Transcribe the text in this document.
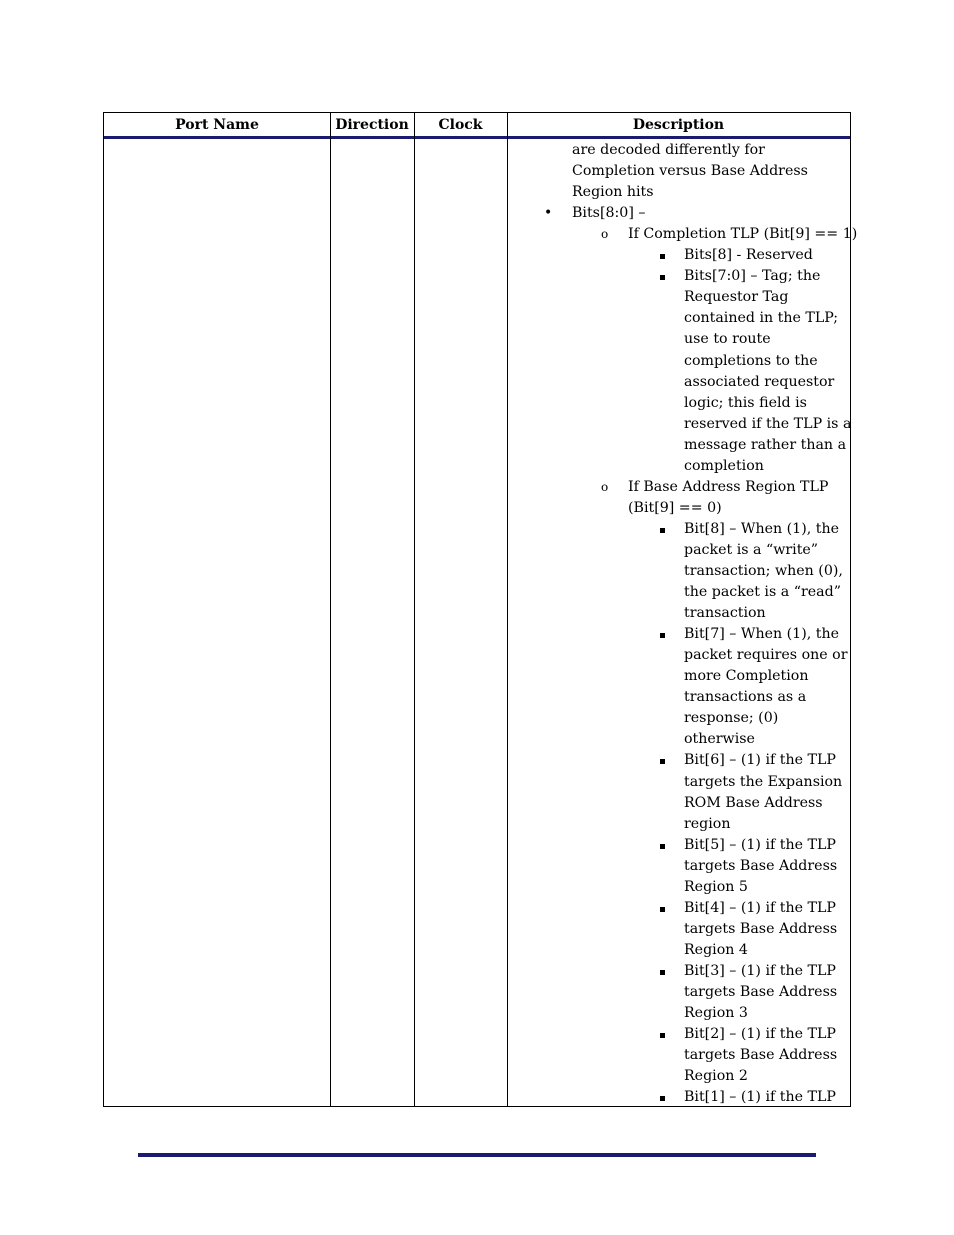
Port Name	Direction	Clock	Description
are decoded differently for
Completion versus Base Address
Region hits
• Bits[8:0] –
o If Completion TLP (Bit[9] == 1)
Bits[8] - Reserved
Bits[7:0] – Tag; the
Requestor Tag
contained in the TLP;
use to route
completions to the
associated requestor
logic; this field is
reserved if the TLP is a
message rather than a
completion
o If Base Address Region TLP
(Bit[9] == 0)
Bit[8] – When (1), the
packet is a “write”
transaction; when (0),
the packet is a “read”
transaction
Bit[7] – When (1), the
packet requires one or
more Completion
transactions as a
response; (0)
otherwise
Bit[6] – (1) if the TLP
targets the Expansion
ROM Base Address
region
Bit[5] – (1) if the TLP
targets Base Address
Region 5
Bit[4] – (1) if the TLP
targets Base Address
Region 4
Bit[3] – (1) if the TLP
targets Base Address
Region 3
Bit[2] – (1) if the TLP
targets Base Address
Region 2
Bit[1] – (1) if the TLP
